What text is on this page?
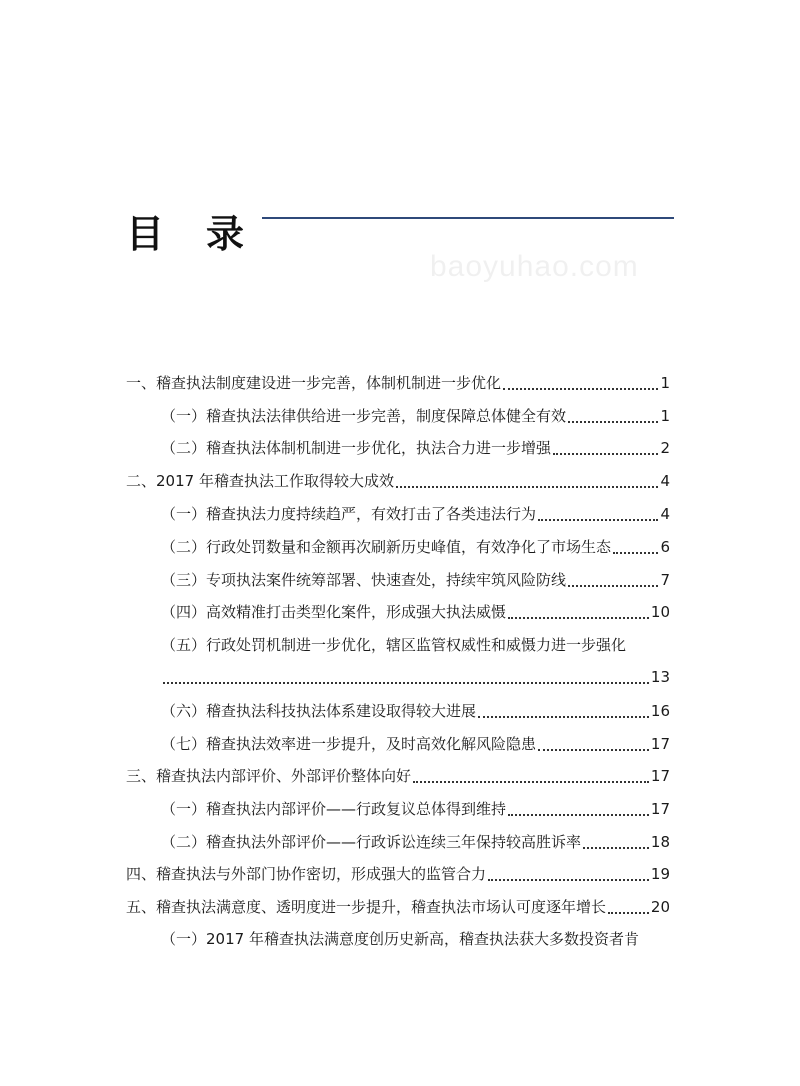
目　录
baoyuhao.com
一、稽查执法制度建设进一步完善，体制机制进一步优化	1
（一）稽查执法法律供给进一步完善，制度保障总体健全有效	1
（二）稽查执法体制机制进一步优化，执法合力进一步增强	2
二、2017 年稽查执法工作取得较大成效	4
（一）稽查执法力度持续趋严，有效打击了各类违法行为	4
（二）行政处罚数量和金额再次刷新历史峰值，有效净化了市场生态	6
（三）专项执法案件统筹部署、快速查处，持续牢筑风险防线	7
（四）高效精准打击类型化案件，形成强大执法威慑	10
（五）行政处罚机制进一步优化，辖区监管权威性和威慑力进一步强化
13
（六）稽查执法科技执法体系建设取得较大进展	16
（七）稽查执法效率进一步提升，及时高效化解风险隐患	17
三、稽查执法内部评价、外部评价整体向好	17
（一）稽查执法内部评价——行政复议总体得到维持	17
（二）稽查执法外部评价——行政诉讼连续三年保持较高胜诉率	18
四、稽查执法与外部门协作密切，形成强大的监管合力	19
五、稽查执法满意度、透明度进一步提升，稽查执法市场认可度逐年增长	20
（一）2017 年稽查执法满意度创历史新高，稽查执法获大多数投资者肯
